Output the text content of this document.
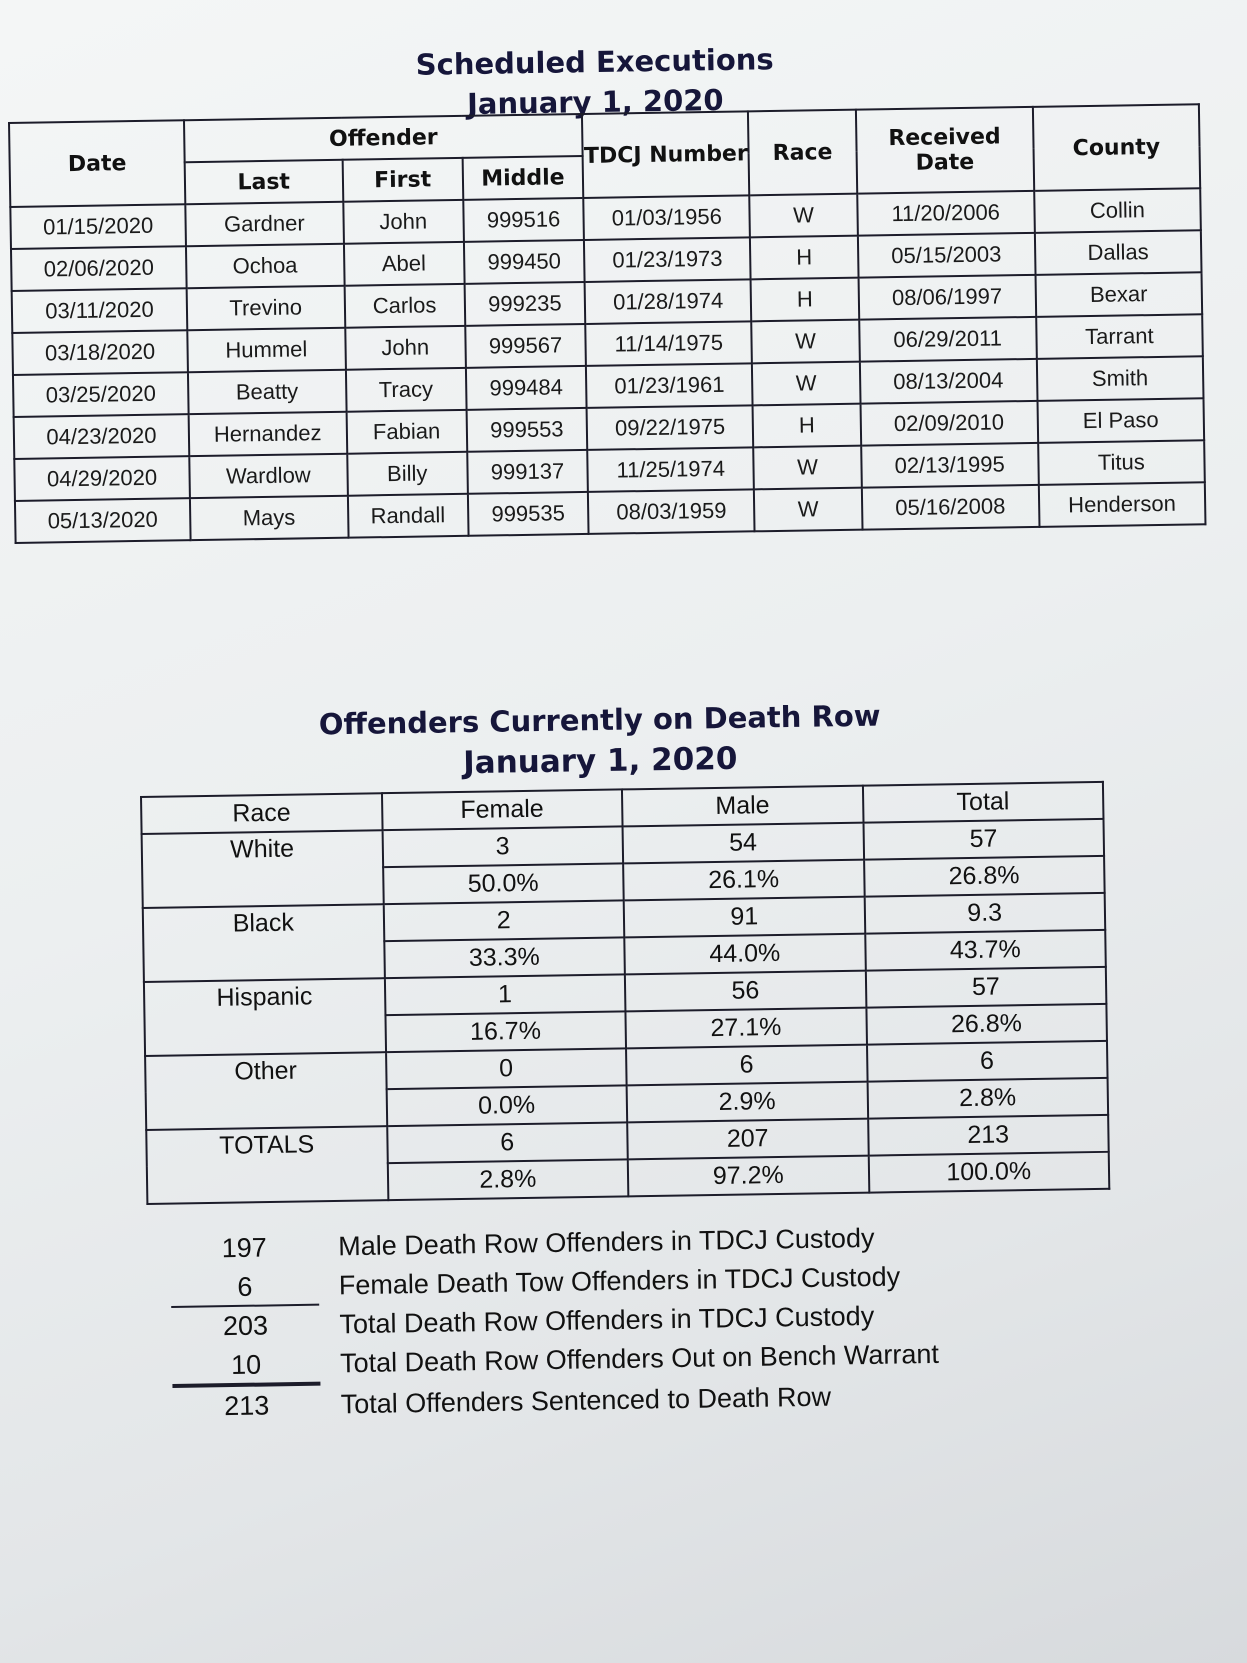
Scheduled Executions
January 1, 2020
Date	Offender			TDCJ Number	Race	Received Date	County
	Last	First	Middle				
01/15/2020	Gardner	John	999516	01/03/1956	W	11/20/2006	Collin
02/06/2020	Ochoa	Abel	999450	01/23/1973	H	05/15/2003	Dallas
03/11/2020	Trevino	Carlos	999235	01/28/1974	H	08/06/1997	Bexar
03/18/2020	Hummel	John	999567	11/14/1975	W	06/29/2011	Tarrant
03/25/2020	Beatty	Tracy	999484	01/23/1961	W	08/13/2004	Smith
04/23/2020	Hernandez	Fabian	999553	09/22/1975	H	02/09/2010	El Paso
04/29/2020	Wardlow	Billy	999137	11/25/1974	W	02/13/1995	Titus
05/13/2020	Mays	Randall	999535	08/03/1959	W	05/16/2008	Henderson
Offenders Currently on Death Row
January 1, 2020
Race	Female	Male	Total
White	3	54	57
	50.0%	26.1%	26.8%
Black	2	91	9.3
	33.3%	44.0%	43.7%
Hispanic	1	56	57
	16.7%	27.1%	26.8%
Other	0	6	6
	0.0%	2.9%	2.8%
TOTALS	6	207	213
	2.8%	97.2%	100.0%
197	Male Death Row Offenders in TDCJ Custody
6	Female Death Tow Offenders in TDCJ Custody
203	Total Death Row Offenders in TDCJ Custody
10	Total Death Row Offenders Out on Bench Warrant
213	Total Offenders Sentenced to Death Row
